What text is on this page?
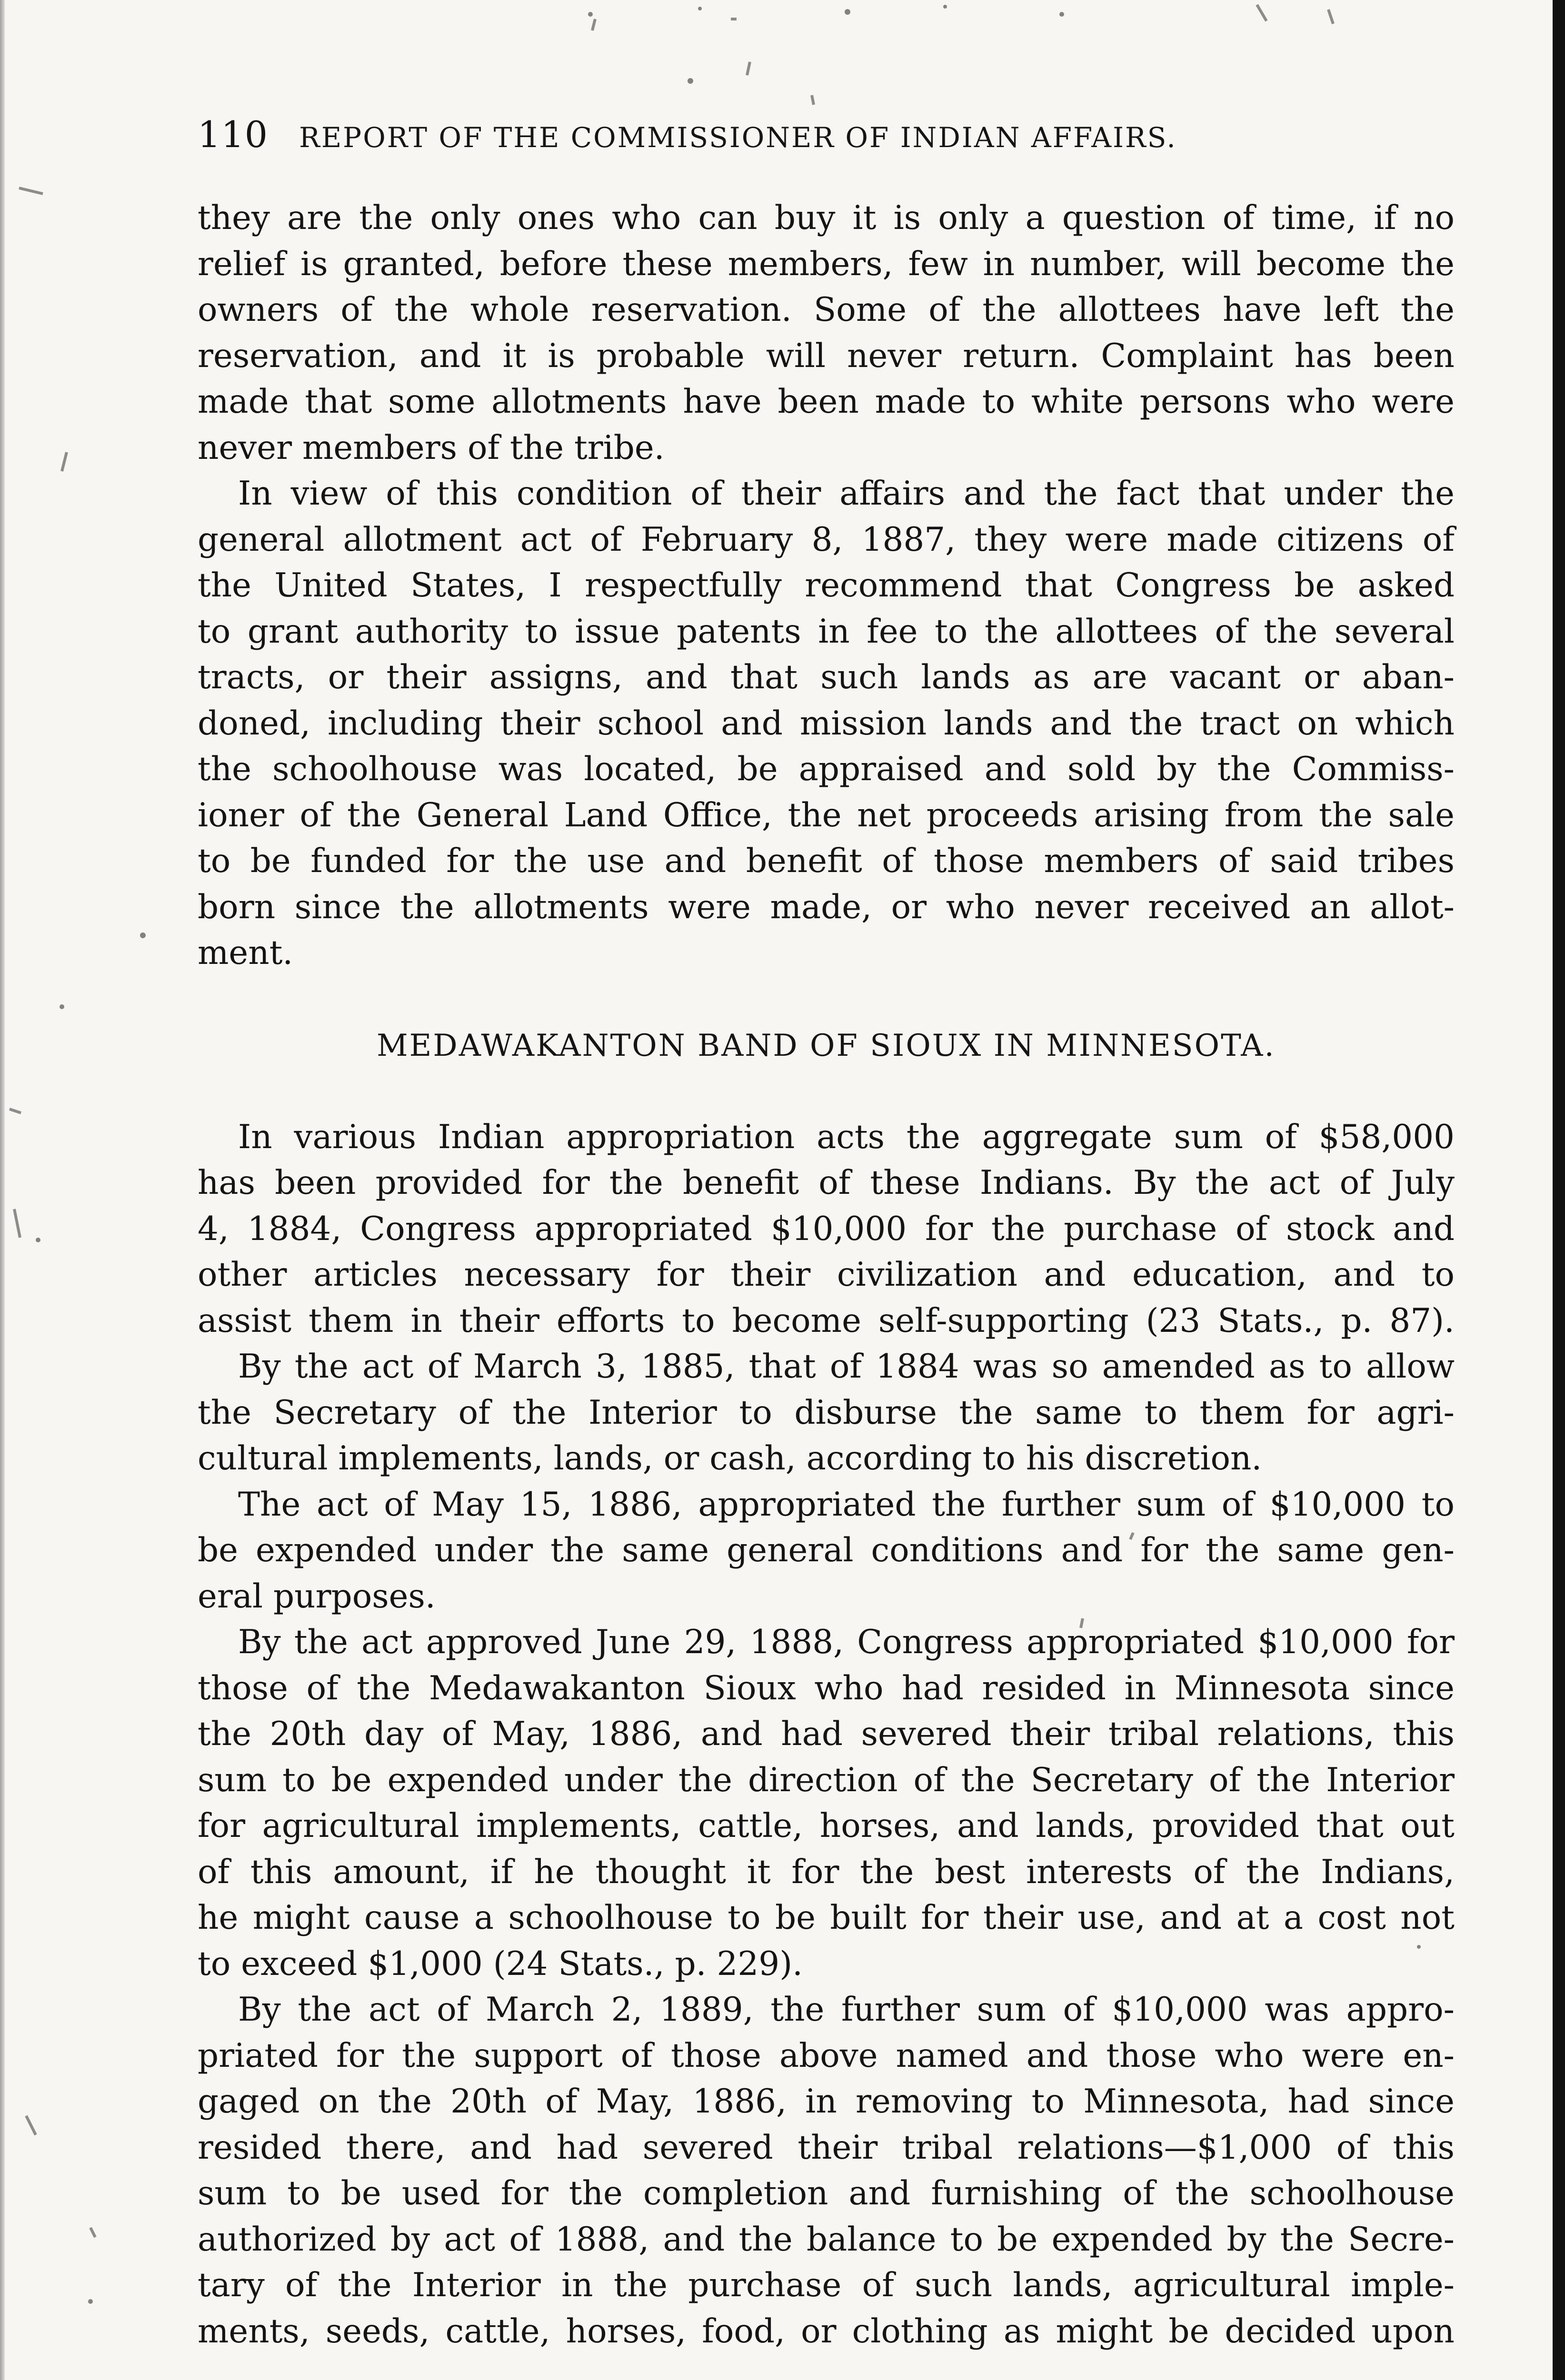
110 REPORT OF THE COMMISSIONER OF INDIAN AFFAIRS.

they are the only ones who can buy it is only a question of time, if no
relief is granted, before these members, few in number, will become the
owners of the whole reservation. Some of the allottees have left the
reservation, and it is probable will never return. Complaint has been
made that some allotments have been made to white persons who were
never members of the tribe.

In view of this condition of their affairs and the fact that under the
general allotment act of February 8, 1887, they were made citizens of
the United States, I respectfully recommend that Congress be asked
to grant authority to issue patents in fee to the allottees of the several
tracts, or their assigns, and that such lands as are vacant or aban-
doned, including their school and mission lands and the tract on which
the schoolhouse was located, be appraised and sold by the Commiss-
ioner of the General Land Office, the net proceeds arising from the sale
to be funded for the use and benefit of those members of said tribes
born since the allotments were made, or who never received an allot-
ment.

MEDAWAKANTON BAND OF SIOUX IN MINNESOTA.

In various Indian appropriation acts the aggregate sum of $58,000
has been provided for the benefit of these Indians. By the act of July
4, 1884, Congress appropriated $10,000 for the purchase of stock and
other articles necessary for their civilization and education, and to
assist them in their efforts to become self-supporting (23 Stats., p. 87).

By the act of March 3, 1885, that of 1884 was so amended as to allow
the Secretary of the Interior to disburse the same to them for agri-
cultural implements, lands, or cash, according to his discretion.

The act of May 15, 1886, appropriated the further sum of $10,000 to
be expended under the same general conditions and for the same gen-
eral purposes.

By the act approved June 29, 1888, Congress appropriated $10,000 for
those of the Medawakanton Sioux who had resided in Minnesota since
the 20th day of May, 1886, and had severed their tribal relations, this
sum to be expended under the direction of the Secretary of the Interior
for agricultural implements, cattle, horses, and lands, provided that out
of this amount, if he thought it for the best interests of the Indians,
he might cause a schoolhouse to be built for their use, and at a cost not
to exceed $1,000 (24 Stats., p. 229).

By the act of March 2, 1889, the further sum of $10,000 was appro-
priated for the support of those above named and those who were en-
gaged on the 20th of May, 1886, in removing to Minnesota, had since
resided there, and had severed their tribal relations—$1,000 of this
sum to be used for the completion and furnishing of the schoolhouse
authorized by act of 1888, and the balance to be expended by the Secre-
tary of the Interior in the purchase of such lands, agricultural imple-
ments, seeds, cattle, horses, food, or clothing as might be decided upon
